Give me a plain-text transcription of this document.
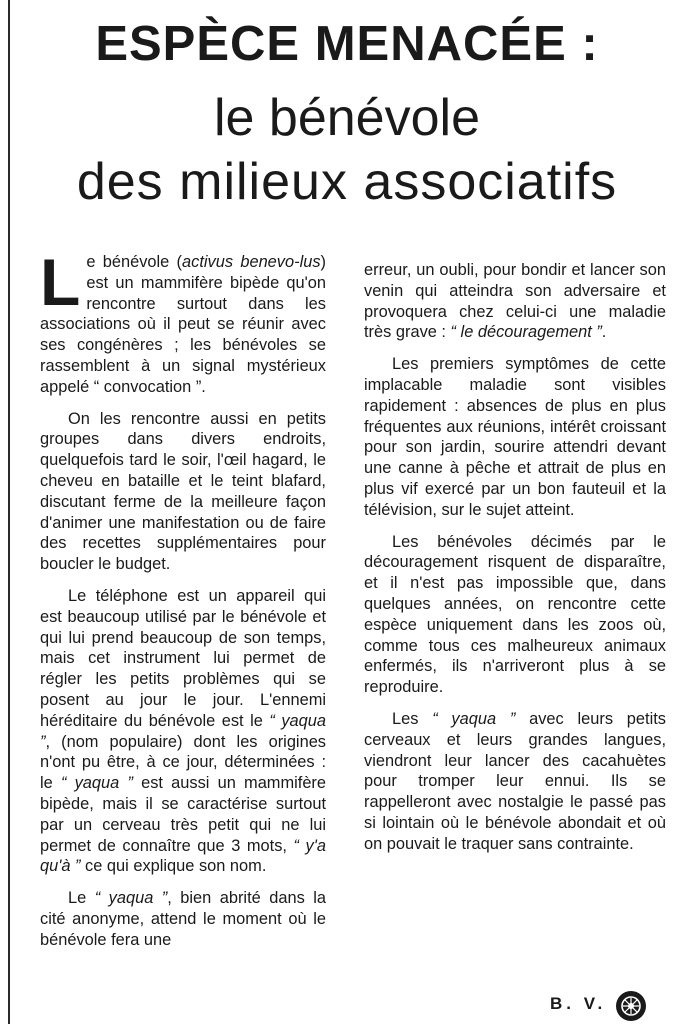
ESPÈCE MENACÉE :
le bénévole
des milieux associatifs

Le bénévole (activus benevo-lus) est un mammifère bipède qu'on rencontre surtout dans les associations où il peut se réunir avec ses congénères ; les bénévoles se rassemblent à un signal mystérieux appelé “ convocation ”.

On les rencontre aussi en petits groupes dans divers endroits, quelquefois tard le soir, l'œil hagard, le cheveu en bataille et le teint blafard, discutant ferme de la meilleure façon d'animer une manifestation ou de faire des recettes supplémentaires pour boucler le budget.

Le téléphone est un appareil qui est beaucoup utilisé par le bénévole et qui lui prend beaucoup de son temps, mais cet instrument lui permet de régler les petits problèmes qui se posent au jour le jour. L'ennemi héréditaire du bénévole est le “ yaqua ”, (nom populaire) dont les origines n'ont pu être, à ce jour, déterminées : le “ yaqua ” est aussi un mammifère bipède, mais il se caractérise surtout par un cerveau très petit qui ne lui permet de connaître que 3 mots, “ y'a qu'à ” ce qui explique son nom.

Le “ yaqua ”, bien abrité dans la cité anonyme, attend le moment où le bénévole fera une

erreur, un oubli, pour bondir et lancer son venin qui atteindra son adversaire et provoquera chez celui-ci une maladie très grave : “ le découragement ”.

Les premiers symptômes de cette implacable maladie sont visibles rapidement : absences de plus en plus fréquentes aux réunions, intérêt croissant pour son jardin, sourire attendri devant une canne à pêche et attrait de plus en plus vif exercé par un bon fauteuil et la télévision, sur le sujet atteint.

Les bénévoles décimés par le découragement risquent de disparaître, et il n'est pas impossible que, dans quelques années, on rencontre cette espèce uniquement dans les zoos où, comme tous ces malheureux animaux enfermés, ils n'arriveront plus à se reproduire.

Les “ yaqua ” avec leurs petits cerveaux et leurs grandes langues, viendront leur lancer des cacahuètes pour tromper leur ennui. Ils se rappelleront avec nostalgie le passé pas si lointain où le bénévole abondait et où on pouvait le traquer sans contrainte.

B. V.
